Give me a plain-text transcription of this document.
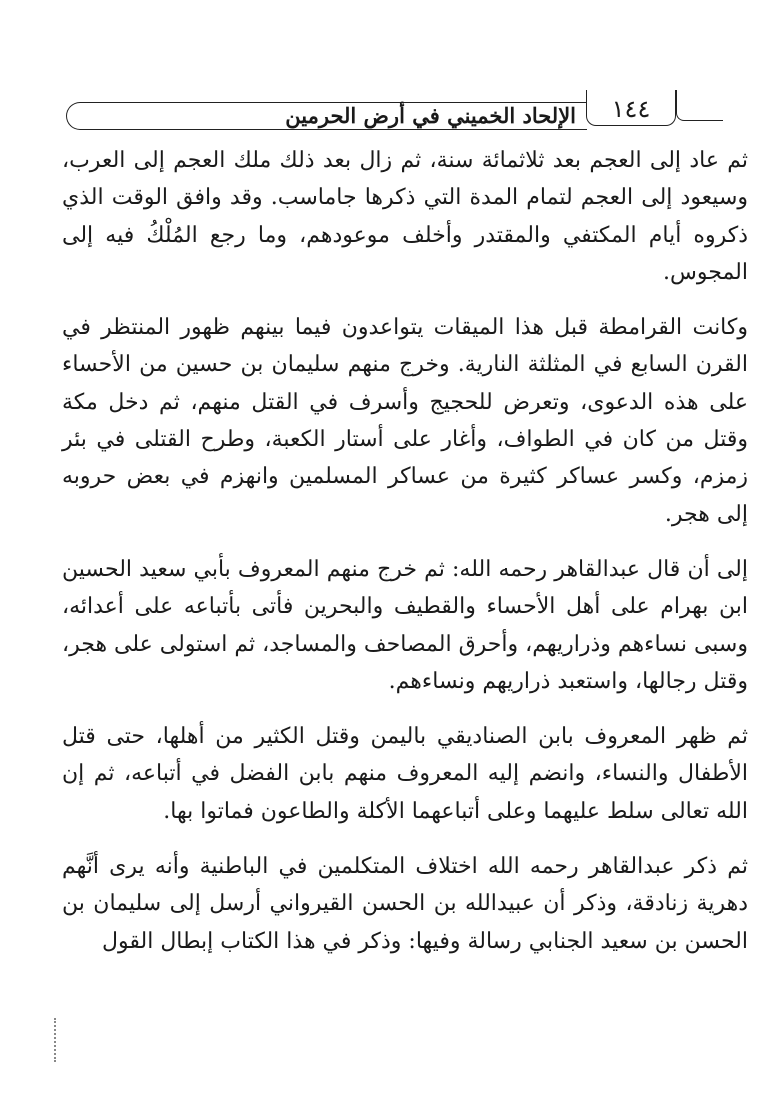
الإلحاد الخميني في أرض الحرمين	١٤٤

ثم عاد إلى العجم بعد ثلاثمائة سنة، ثم زال بعد ذلك ملك العجم إلى العرب، وسيعود إلى العجم لتمام المدة التي ذكرها جاماسب. وقد وافق الوقت الذي ذكروه أيام المكتفي والمقتدر وأخلف موعودهم، وما رجع المُلْكُ فيه إلى المجوس.

وكانت القرامطة قبل هذا الميقات يتواعدون فيما بينهم ظهور المنتظر في القرن السابع في المثلثة النارية. وخرج منهم سليمان بن حسين من الأحساء على هذه الدعوى، وتعرض للحجيج وأسرف في القتل منهم، ثم دخل مكة وقتل من كان في الطواف، وأغار على أستار الكعبة، وطرح القتلى في بئر زمزم، وكسر عساكر كثيرة من عساكر المسلمين وانهزم في بعض حروبه إلى هجر.

إلى أن قال عبدالقاهر رحمه الله: ثم خرج منهم المعروف بأبي سعيد الحسين ابن بهرام على أهل الأحساء والقطيف والبحرين فأتى بأتباعه على أعدائه، وسبى نساءهم وذراريهم، وأحرق المصاحف والمساجد، ثم استولى على هجر، وقتل رجالها، واستعبد ذراريهم ونساءهم.

ثم ظهر المعروف بابن الصناديقي باليمن وقتل الكثير من أهلها، حتى قتل الأطفال والنساء، وانضم إليه المعروف منهم بابن الفضل في أتباعه، ثم إن الله تعالى سلط عليهما وعلى أتباعهما الأكلة والطاعون فماتوا بها.

ثم ذكر عبدالقاهر رحمه الله اختلاف المتكلمين في الباطنية وأنه يرى أنَّهم دهرية زنادقة، وذكر أن عبيدالله بن الحسن القيرواني أرسل إلى سليمان بن الحسن بن سعيد الجنابي رسالة وفيها: وذكر في هذا الكتاب إبطال القول
